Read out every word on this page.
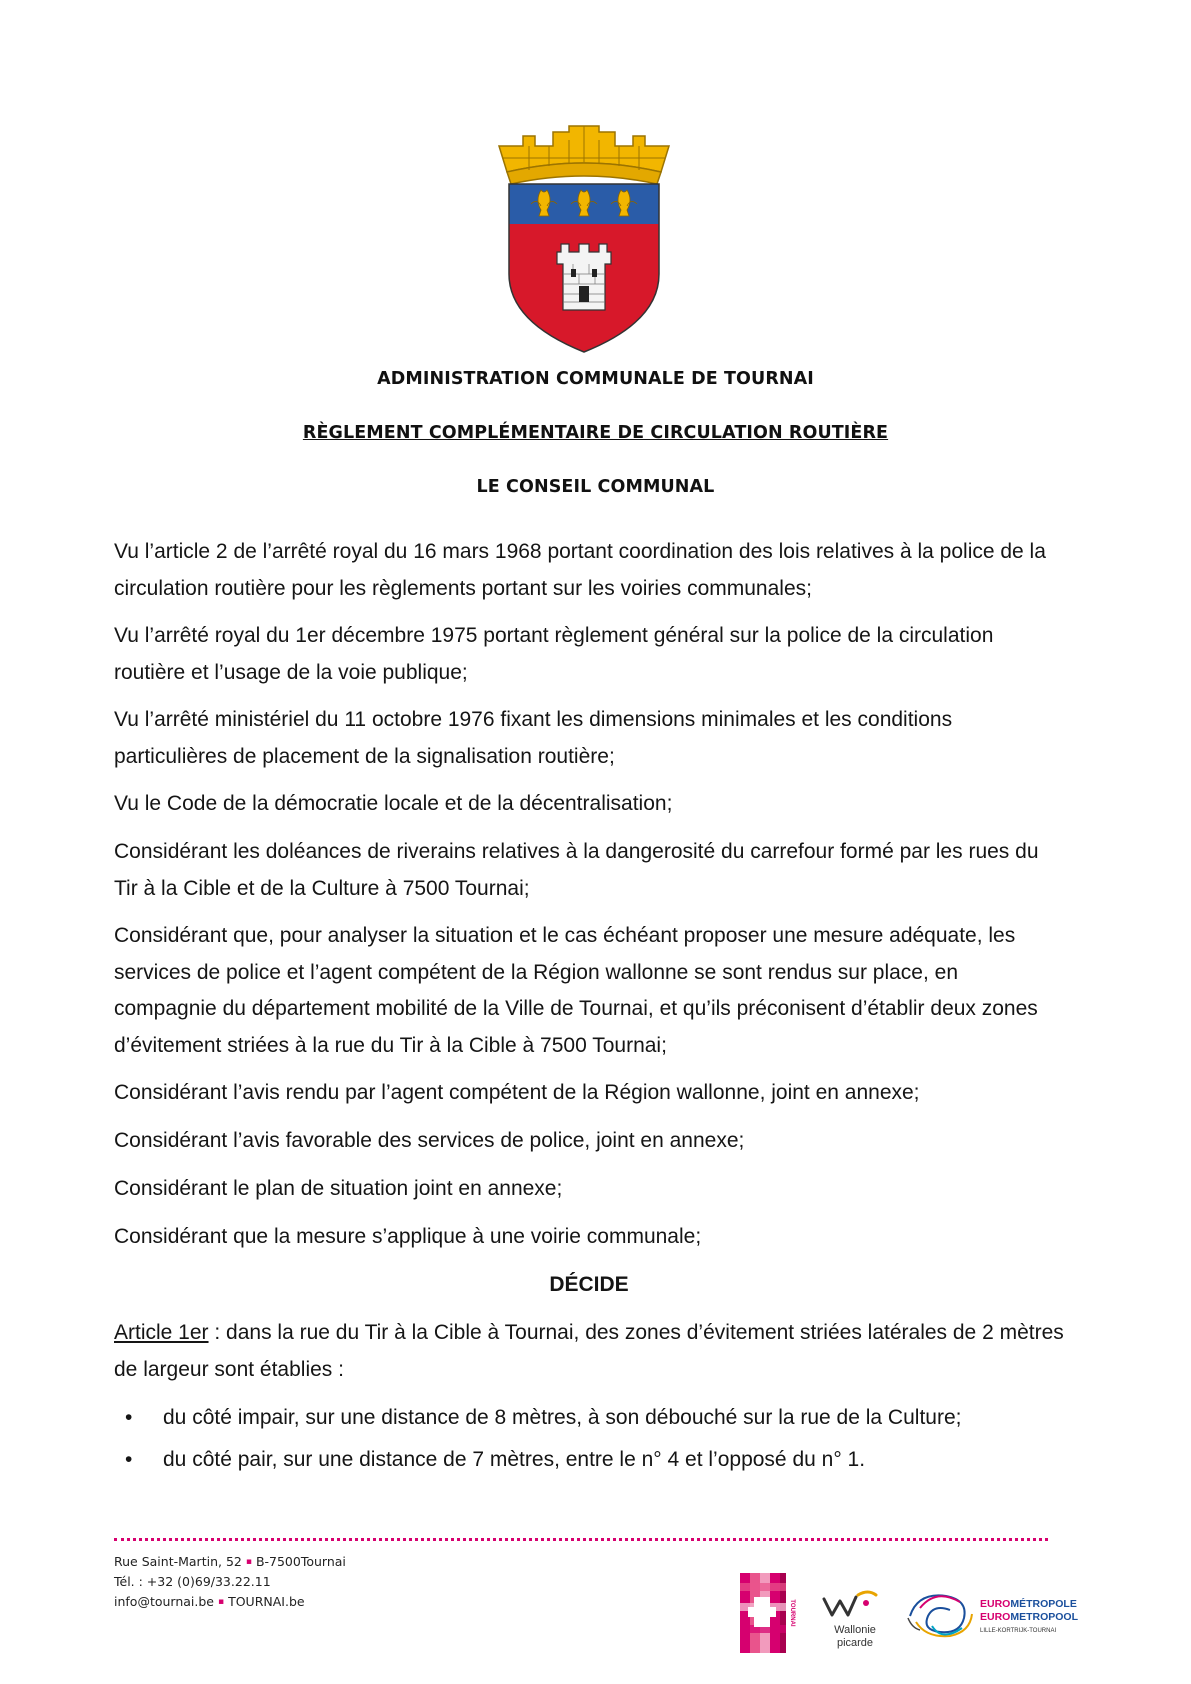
ADMINISTRATION COMMUNALE DE TOURNAI
RÈGLEMENT COMPLÉMENTAIRE DE CIRCULATION ROUTIÈRE
LE CONSEIL COMMUNAL

Vu l’article 2 de l’arrêté royal du 16 mars 1968 portant coordination des lois relatives à la police de la circulation routière pour les règlements portant sur les voiries communales;

Vu l’arrêté royal du 1er décembre 1975 portant règlement général sur la police de la circulation routière et l’usage de la voie publique;

Vu l’arrêté ministériel du 11 octobre 1976 fixant les dimensions minimales et les conditions particulières de placement de la signalisation routière;

Vu le Code de la démocratie locale et de la décentralisation;

Considérant les doléances de riverains relatives à la dangerosité du carrefour formé par les rues du Tir à la Cible et de la Culture à 7500 Tournai;

Considérant que, pour analyser la situation et le cas échéant proposer une mesure adéquate, les services de police et l’agent compétent de la Région wallonne se sont rendus sur place, en compagnie du département mobilité de la Ville de Tournai, et qu’ils préconisent d’établir deux zones d’évitement striées à la rue du Tir à la Cible à 7500 Tournai;

Considérant l’avis rendu par l’agent compétent de la Région wallonne, joint en annexe;

Considérant l’avis favorable des services de police, joint en annexe;

Considérant le plan de situation joint en annexe;

Considérant que la mesure s’applique à une voirie communale;

DÉCIDE

Article 1er : dans la rue du Tir à la Cible à Tournai, des zones d’évitement striées latérales de 2 mètres de largeur sont établies :

• du côté impair, sur une distance de 8 mètres, à son débouché sur la rue de la Culture;
• du côté pair, sur une distance de 7 mètres, entre le n° 4 et l’opposé du n° 1.
Rue Saint-Martin, 52 ▪ B-7500Tournai
Tél. : +32 (0)69/33.22.11
info@tournai.be ▪ TOURNAI.be	TOURNAI
Wallonie
picarde
EUROMÉTROPOLE
EUROMETROPOOL
LILLE-KORTRIJK-TOURNAI
